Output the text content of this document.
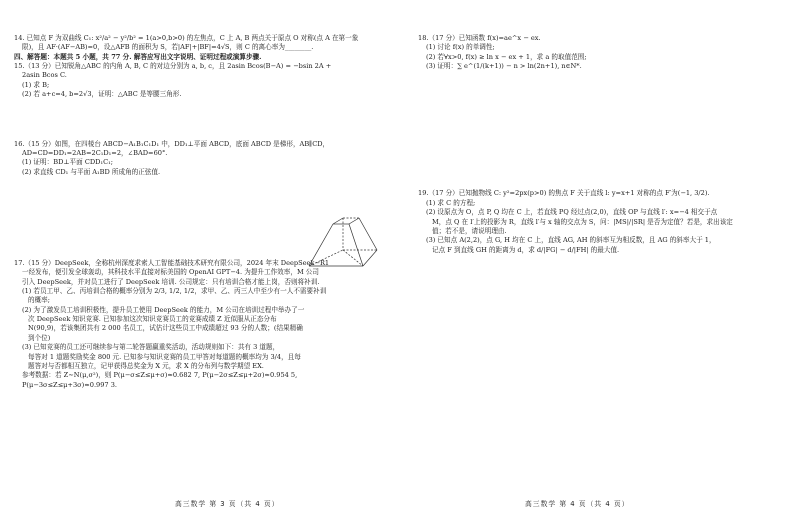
14. 已知点 F 为双曲线 C₁: x²/a² − y²/b² = 1(a>0,b>0) 的左焦点，C 上 A, B 两点关于原点 O 对称(点 A 在第一象

限)，且 AF·(AF−AB)=0，设△AFB 的面积为 S，若|AF|+|BF|=4√S，则 C 的离心率为________.

四、解答题：本题共 5 小题，共 77 分. 解答应写出文字说明、证明过程或演算步骤.

15.（13 分）已知锐角△ABC 的内角 A, B, C 的对边分别为 a, b, c，且 2asin Bcos(B−A) = −bsin 2A +

2asin Bcos C.

(1) 求 B;

(2) 若 a+c=4, b=2√3，证明：△ABC 是等腰三角形.

16.（15 分）如图，在四棱台 ABCD−A₁B₁C₁D₁ 中，DD₁⊥平面 ABCD，底面 ABCD 是梯形，AB∥CD，

AD=CD=DD₁=2AB=2C₁D₁=2，∠BAD=60°.

(1) 证明：BD⊥平面 CDD₁C₁;

(2) 求直线 CD₁ 与平面 A₁BD 所成角的正弦值.

17.（15 分）DeepSeek，全称杭州深度求索人工智能基础技术研究有限公司，2024 年末 DeepSeek−R1

一经发布，便引发全球轰动，其科技水平直接对标美国的 OpenAI GPT−4. 为提升工作效率，M 公司

引入 DeepSeek，并对员工进行了 DeepSeek 培训. 公司规定：只有培训合格才能上岗，否则将补训.

(1) 若员工甲、乙、丙培训合格的概率分别为 2/3, 1/2, 1/2，求甲、乙、丙三人中至少有一人不需要补训

的概率;

(2) 为了激发员工培训积极性，提升员工使用 DeepSeek 的能力，M 公司在培训过程中举办了一

次 DeepSeek 知识竞赛. 已知参加这次知识竞赛员工的竞赛成绩 Z 近似服从正态分布

N(90,9)，若该集团共有 2 000 名员工，试估计这些员工中成绩超过 93 分的人数；(结果精确

到个位)

(3) 已知竞赛的员工还可继续参与第二轮答题赢重奖活动，活动规则如下：共有 3 道题，

每答对 1 道题奖励奖金 800 元. 已知参与知识竞赛的员工甲答对每道题的概率均为 3/4，且每

题答对与否都相互独立，记甲获得总奖金为 X 元，求 X 的分布列与数学期望 EX.

参考数据：若 Z∼N(μ,σ²)，则 P(μ−σ≤Z≤μ+σ)≈0.682 7, P(μ−2σ≤Z≤μ+2σ)≈0.954 5,

P(μ−3σ≤Z≤μ+3σ)≈0.997 3.

18.（17 分）已知函数 f(x)=ae^x − ex.

(1) 讨论 f(x) 的单调性;

(2) 若∀x>0, f(x) ≥ ln x − ex + 1，求 a 的取值范围;

(3) 证明：∑ e^(1/(k+1)) − n > ln(2n+1), n∈N*.

19.（17 分）已知抛物线 C: y²=2px(p>0) 的焦点 F 关于直线 l: y=x+1 对称的点 F′为(−1, 3/2).

(1) 求 C 的方程;

(2) 设原点为 O，点 P, Q 均在 C 上，若直线 PQ 经过点(2,0)，直线 OP 与直线 l′: x=−4 相交于点

M，点 Q 在 l′上的投影为 R，直线 l′与 x 轴的交点为 S，问：|MS|/|SR| 是否为定值？若是，求出该定

值；若不是，请说明理由.

(3) 已知点 A(2,2)，点 G, H 均在 C 上，直线 AG, AH 的斜率互为相反数，且 AG 的斜率大于 1，

记点 F 到直线 GH 的距离为 d，求 d/|FG| − d/|FH| 的最大值.

高三数学 第 3 页（共 4 页）	高三数学 第 4 页（共 4 页）
